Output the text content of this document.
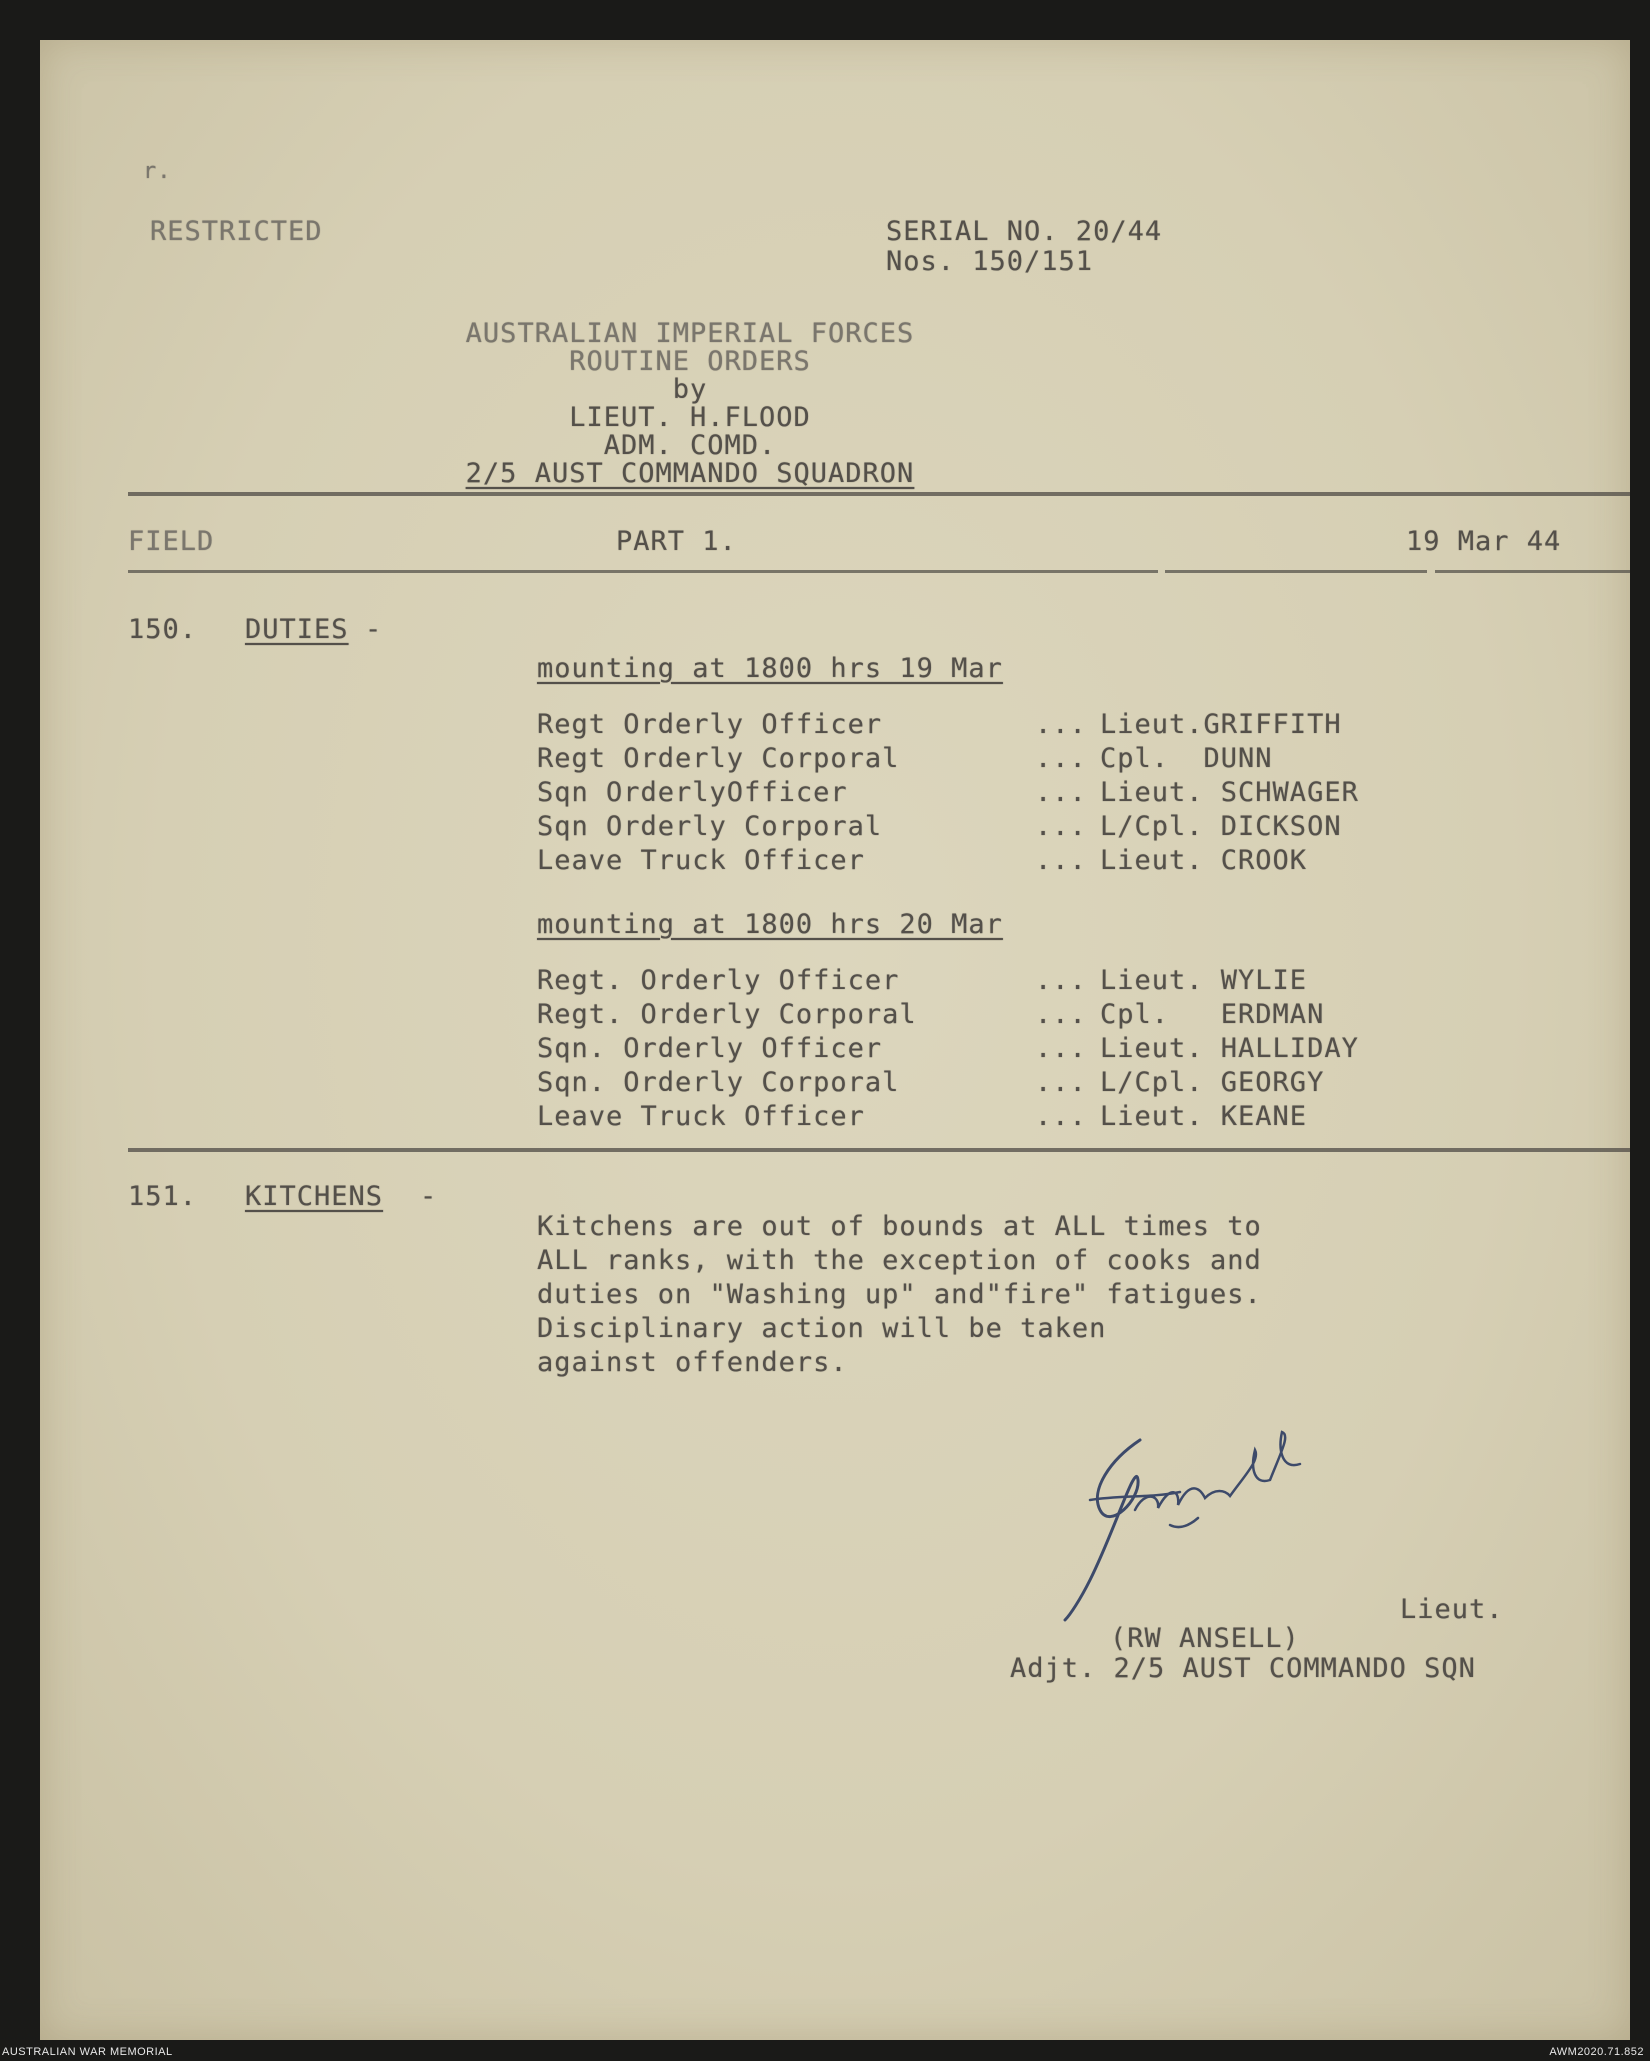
r.
RESTRICTED	SERIAL NO. 20/44
Nos. 150/151
AUSTRALIAN IMPERIAL FORCES
ROUTINE ORDERS
by
LIEUT. H.FLOOD
ADM. COMD.
2/5 AUST COMMANDO SQUADRON
FIELD	PART 1.	19 Mar 44
150. DUTIES -
mounting at 1800 hrs 19 Mar
Regt Orderly Officer	... Lieut.GRIFFITH
Regt Orderly Corporal	... Cpl.  DUNN
Sqn OrderlyOfficer	... Lieut. SCHWAGER
Sqn Orderly Corporal	... L/Cpl. DICKSON
Leave Truck Officer	... Lieut. CROOK
mounting at 1800 hrs 20 Mar
Regt. Orderly Officer	... Lieut. WYLIE
Regt. Orderly Corporal	... Cpl.   ERDMAN
Sqn. Orderly Officer	... Lieut. HALLIDAY
Sqn. Orderly Corporal	... L/Cpl. GEORGY
Leave Truck Officer	... Lieut. KEANE
151. KITCHENS -
Kitchens are out of bounds at ALL times to
ALL ranks, with the exception of cooks and
duties on "Washing up" and"fire" fatigues.
Disciplinary action will be taken
against offenders.
Lieut.
(RW ANSELL)
Adjt. 2/5 AUST COMMANDO SQN
AUSTRALIAN WAR MEMORIAL	AWM2020.71.852
